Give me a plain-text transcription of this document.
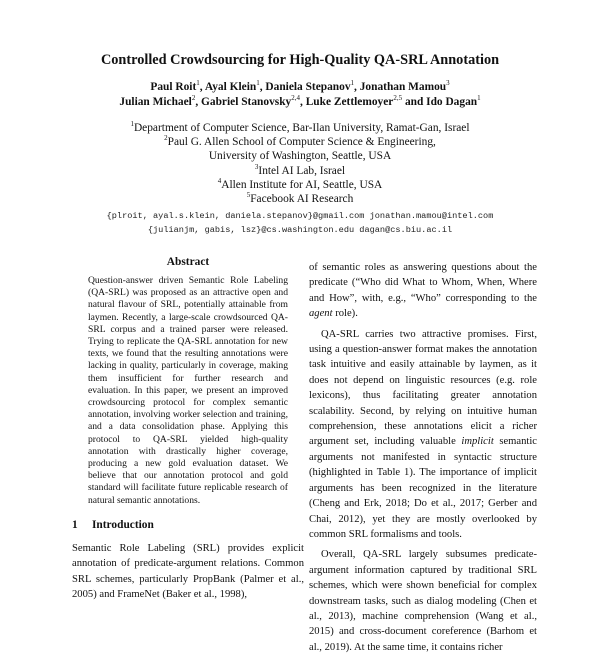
Controlled Crowdsourcing for High-Quality QA-SRL Annotation
Paul Roit$^1$, Ayal Klein$^1$, Daniela Stepanov$^1$, Jonathan Mamou$^3$
Julian Michael$^2$, Gabriel Stanovsky$^{2,4}$, Luke Zettlemoyer$^{2,5}$ and Ido Dagan$^1$
$^1$Department of Computer Science, Bar-Ilan University, Ramat-Gan, Israel
$^2$Paul G. Allen School of Computer Science & Engineering,
University of Washington, Seattle, USA
$^3$Intel AI Lab, Israel
$^4$Allen Institute for AI, Seattle, USA
$^5$Facebook AI Research
{plroit, ayal.s.klein, daniela.stepanov}@gmail.com jonathan.mamou@intel.com
{julianjm, gabis, lsz}@cs.washington.edu dagan@cs.biu.ac.il
Abstract

Question-answer driven Semantic Role Labeling (QA-SRL) was proposed as an attractive open and natural flavour of SRL, potentially attainable from laymen. Recently, a large-scale crowdsourced QA-SRL corpus and a trained parser were released. Trying to replicate the QA-SRL annotation for new texts, we found that the resulting annotations were lacking in quality, particularly in coverage, making them insufficient for further research and evaluation. In this paper, we present an improved crowdsourcing protocol for complex semantic annotation, involving worker selection and training, and a data consolidation phase. Applying this protocol to QA-SRL yielded high-quality annotation with drastically higher coverage, producing a new gold evaluation dataset. We believe that our annotation protocol and gold standard will facilitate future replicable research of natural semantic annotations.

1 Introduction

Semantic Role Labeling (SRL) provides explicit annotation of predicate-argument relations. Common SRL schemes, particularly PropBank (Palmer et al., 2005) and FrameNet (Baker et al., 1998),

of semantic roles as answering questions about the predicate (“Who did What to Whom, When, Where and How”, with, e.g., “Who” corresponding to the agent role).

QA-SRL carries two attractive promises. First, using a question-answer format makes the annotation task intuitive and easily attainable by laymen, as it does not depend on linguistic resources (e.g. role lexicons), thus facilitating greater annotation scalability. Second, by relying on intuitive human comprehension, these annotations elicit a richer argument set, including valuable implicit semantic arguments not manifested in syntactic structure (highlighted in Table 1). The importance of implicit arguments has been recognized in the literature (Cheng and Erk, 2018; Do et al., 2017; Gerber and Chai, 2012), yet they are mostly overlooked by common SRL formalisms and tools.

Overall, QA-SRL largely subsumes predicate-argument information captured by traditional SRL schemes, which were shown beneficial for complex downstream tasks, such as dialog modeling (Chen et al., 2013), machine comprehension (Wang et al., 2015) and cross-document coreference (Barhom et al., 2019). At the same time, it contains richer
